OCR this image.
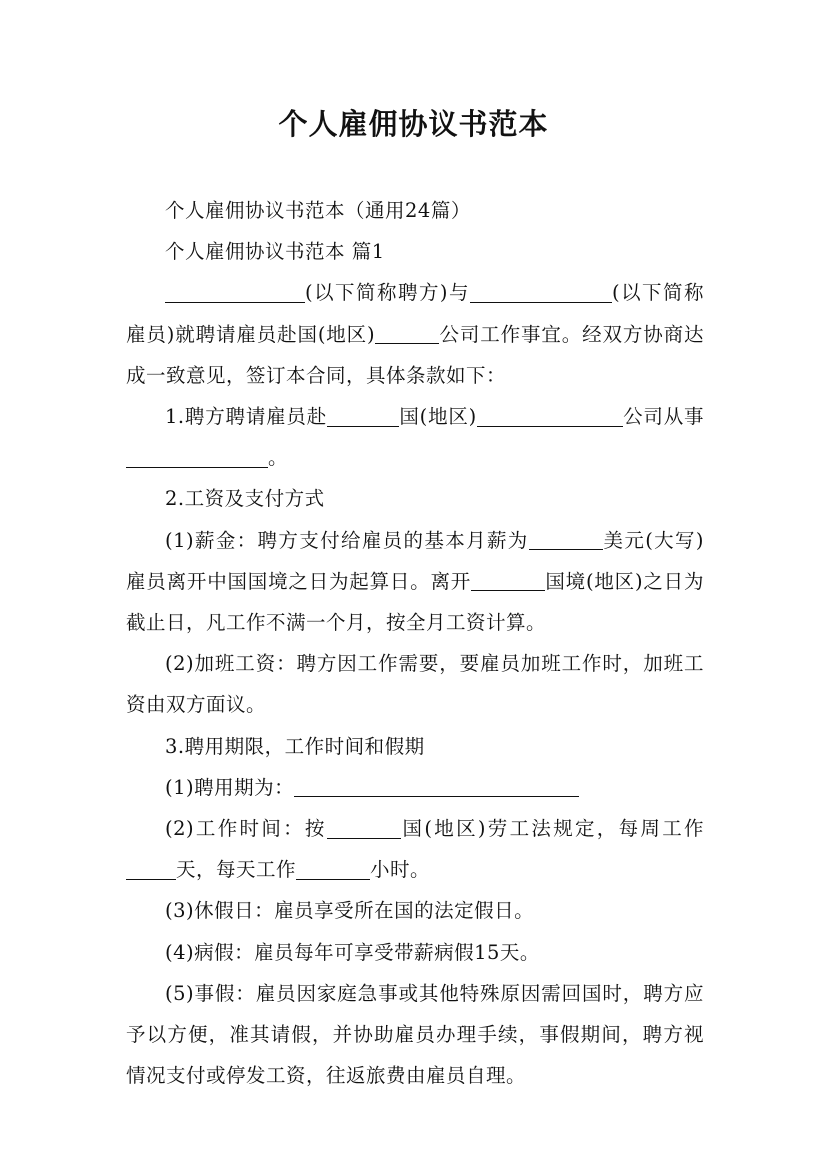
个人雇佣协议书范本

个人雇佣协议书范本（通用24篇）

个人雇佣协议书范本 篇1

(以下简称聘方)与	(以下简称雇员)就聘请雇员赴国(地区)	公司工作事宜。经双方协商达成一致意见，签订本合同，具体条款如下：

1.聘方聘请雇员赴	国(地区)	公司从事。

2.工资及支付方式

(1)薪金：聘方支付给雇员的基本月薪为	美元(大写)雇员离开中国国境之日为起算日。离开	国境(地区)之日为截止日，凡工作不满一个月，按全月工资计算。

(2)加班工资：聘方因工作需要，要雇员加班工作时，加班工资由双方面议。

3.聘用期限，工作时间和假期

(1)聘用期为：

(2)工作时间：按	国(地区)劳工法规定，每周工作天，每天工作	小时。

(3)休假日：雇员享受所在国的法定假日。

(4)病假：雇员每年可享受带薪病假15天。

(5)事假：雇员因家庭急事或其他特殊原因需回国时，聘方应予以方便，准其请假，并协助雇员办理手续，事假期间，聘方视情况支付或停发工资，往返旅费由雇员自理。
